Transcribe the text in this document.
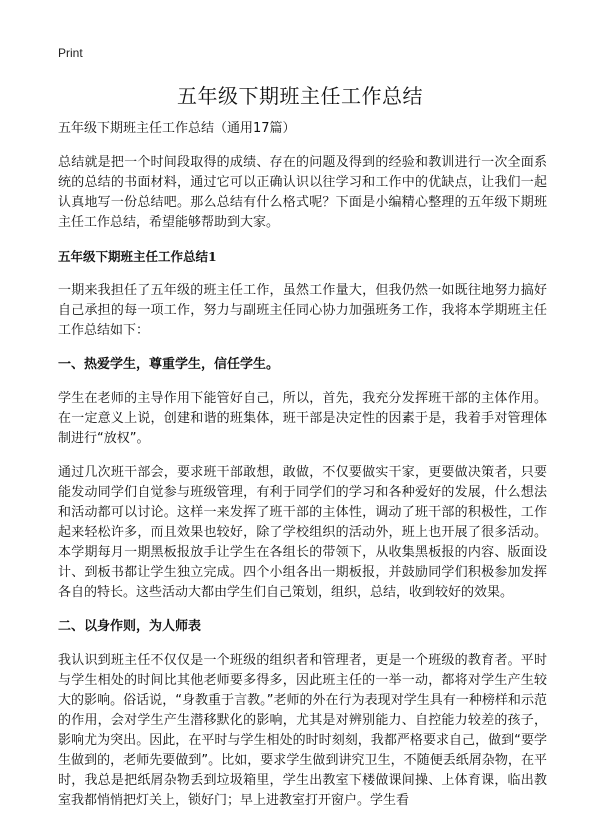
Print
五年级下期班主任工作总结

五年级下期班主任工作总结（通用17篇）

总结就是把一个时间段取得的成绩、存在的问题及得到的经验和教训进行一次全面系统的总结的书面材料，通过它可以正确认识以往学习和工作中的优缺点，让我们一起认真地写一份总结吧。那么总结有什么格式呢？下面是小编精心整理的五年级下期班主任工作总结，希望能够帮助到大家。

五年级下期班主任工作总结1

一期来我担任了五年级的班主任工作，虽然工作量大，但我仍然一如既往地努力搞好自己承担的每一项工作，努力与副班主任同心协力加强班务工作，我将本学期班主任工作总结如下：

一、热爱学生，尊重学生，信任学生。

学生在老师的主导作用下能管好自己，所以，首先，我充分发挥班干部的主体作用。在一定意义上说，创建和谐的班集体，班干部是决定性的因素于是，我着手对管理体制进行“放权”。

通过几次班干部会，要求班干部敢想，敢做，不仅要做实干家，更要做决策者，只要能发动同学们自觉参与班级管理，有利于同学们的学习和各种爱好的发展，什么想法和活动都可以讨论。这样一来发挥了班干部的主体性，调动了班干部的积极性，工作起来轻松许多，而且效果也较好，除了学校组织的活动外，班上也开展了很多活动。本学期每月一期黑板报放手让学生在各组长的带领下，从收集黑板报的内容、版面设计、到板书都让学生独立完成。四个小组各出一期板报，并鼓励同学们积极参加发挥各自的特长。这些活动大都由学生们自己策划，组织，总结，收到较好的效果。

二、以身作则，为人师表

我认识到班主任不仅仅是一个班级的组织者和管理者，更是一个班级的教育者。平时与学生相处的时间比其他老师要多得多，因此班主任的一举一动，都将对学生产生较大的影响。俗话说，“身教重于言教。”老师的外在行为表现对学生具有一种榜样和示范的作用，会对学生产生潜移默化的影响，尤其是对辨别能力、自控能力较差的孩子，影响尤为突出。因此，在平时与学生相处的时时刻刻，我都严格要求自己，做到“要学生做到的，老师先要做到”。比如，要求学生做到讲究卫生，不随便丢纸屑杂物，在平时，我总是把纸屑杂物丢到垃圾箱里，学生出教室下楼做课间操、上体育课，临出教室我都悄悄把灯关上，锁好门；早上进教室打开窗户。学生看
